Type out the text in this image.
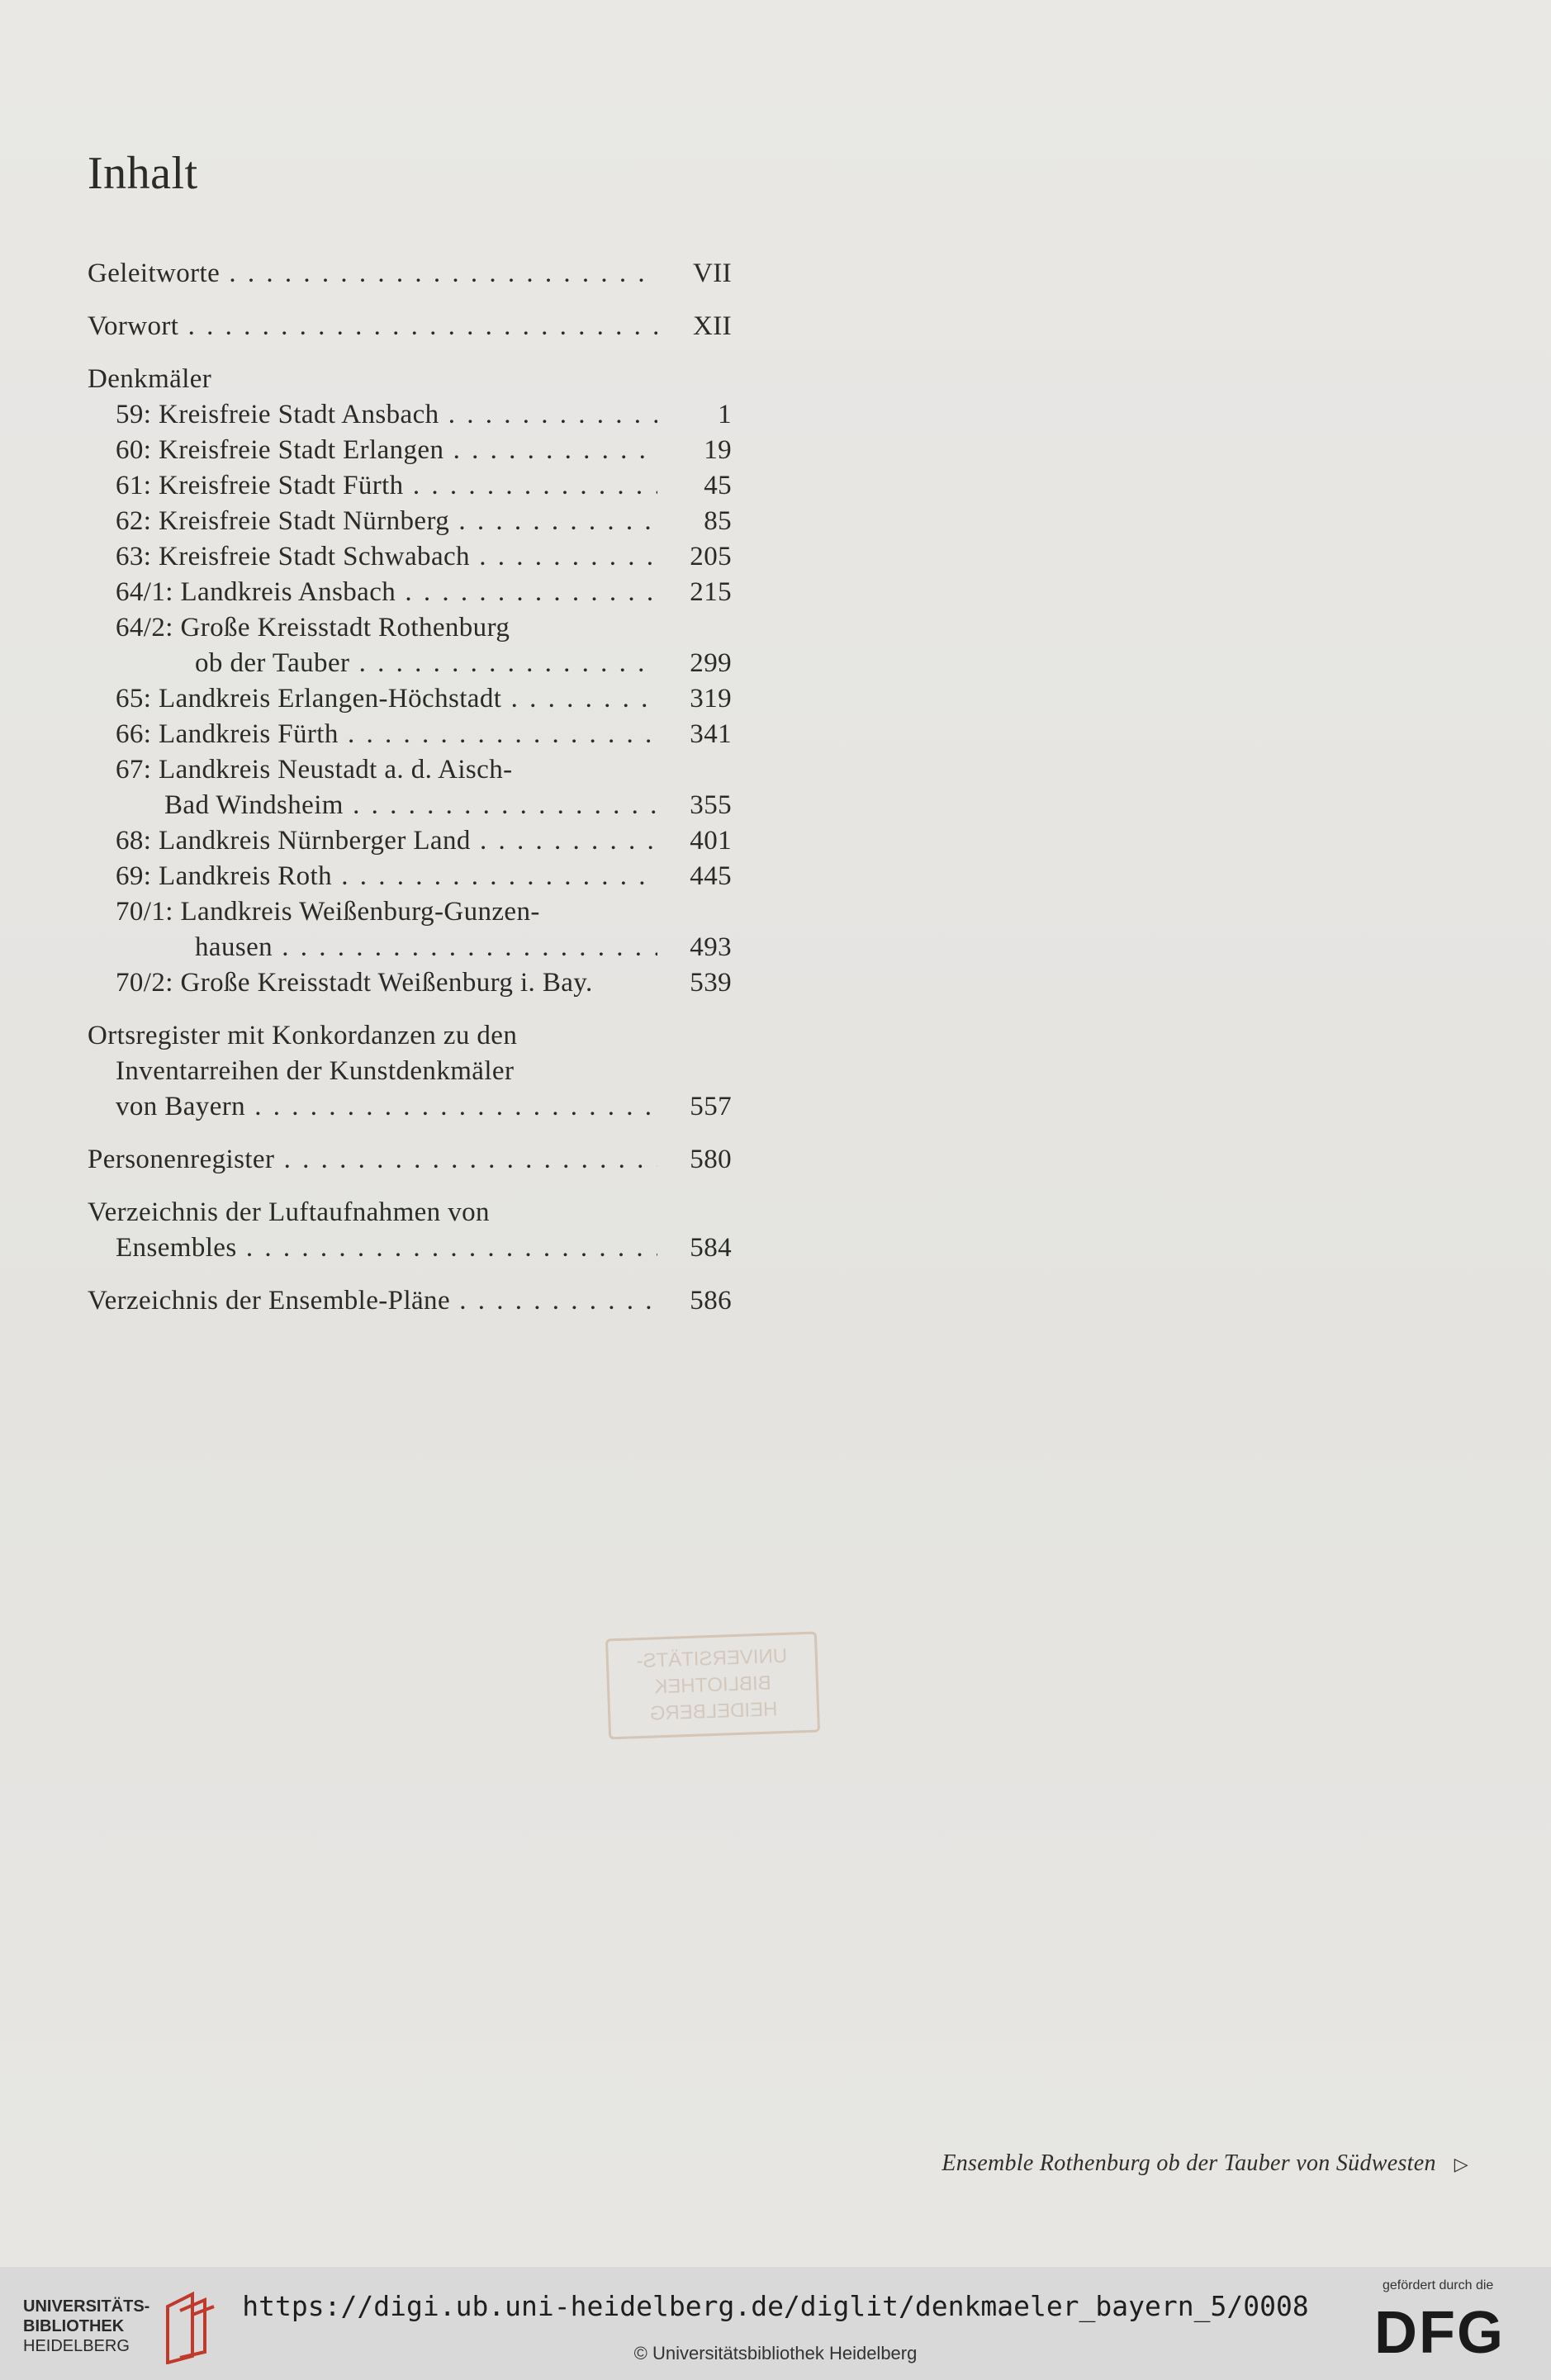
Inhalt
Geleitworte . . .	VII
Vorwort . . .	XII
Denkmäler
59: Kreisfreie Stadt Ansbach . . .	1
60: Kreisfreie Stadt Erlangen . . .	19
61: Kreisfreie Stadt Fürth . . .	45
62: Kreisfreie Stadt Nürnberg . . .	85
63: Kreisfreie Stadt Schwabach . . .	205
64/1: Landkreis Ansbach . . .	215
64/2: Große Kreisstadt Rothenburg
ob der Tauber . . .	299
65: Landkreis Erlangen-Höchstadt . . .	319
66: Landkreis Fürth . . .	341
67: Landkreis Neustadt a. d. Aisch-
Bad Windsheim . . .	355
68: Landkreis Nürnberger Land . . .	401
69: Landkreis Roth . . .	445
70/1: Landkreis Weißenburg-Gunzen-
hausen . . .	493
70/2: Große Kreisstadt Weißenburg i. Bay.	539
Ortsregister mit Konkordanzen zu den
Inventarreihen der Kunstdenkmäler
von Bayern . . .	557
Personenregister . . .	580
Verzeichnis der Luftaufnahmen von
Ensembles . . .	584
Verzeichnis der Ensemble-Pläne . . .	586
UNIVERSITÄTS-
BIBLIOTHEK
HEIDELBERG
Ensemble Rothenburg ob der Tauber von Südwesten ▷
UNIVERSITÄTS-
BIBLIOTHEK
HEIDELBERG
https://digi.ub.uni-heidelberg.de/diglit/denkmaeler_bayern_5/0008
© Universitätsbibliothek Heidelberg
gefördert durch die
DFG
